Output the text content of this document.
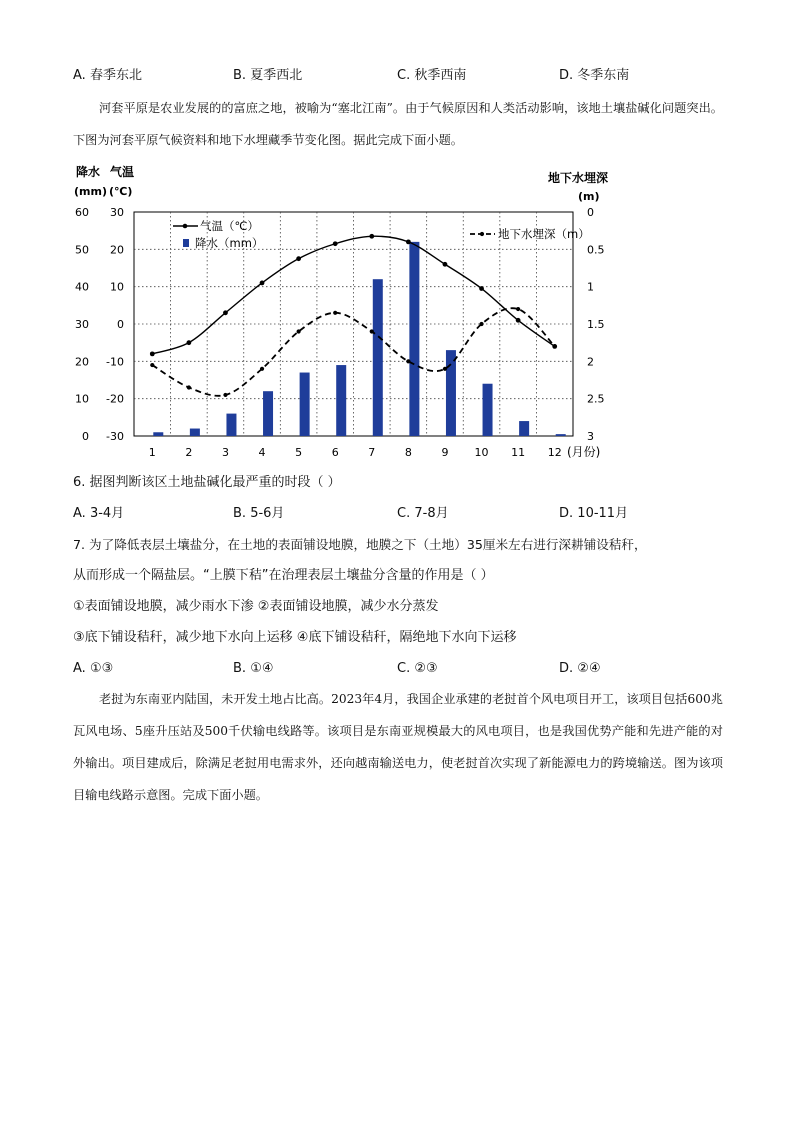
A. 春季东北	B. 夏季西北	C. 秋季西南	D. 冬季东南
河套平原是农业发展的的富庶之地，被喻为“塞北江南”。由于气候原因和人类活动影响，该地土壤盐碱化问题突出。下图为河套平原气候资料和地下水埋藏季节变化图。据此完成下面小题。
降水 气温
(mm) (℃)
地下水埋深
(m)
(月份)
60
50
40
30
20
10
0
30
20
10
0
-10
-20
-30
0
0.5
1
1.5
2
2.5
3
1	2	3	4	5	6	7	8	9 10 11 12
气温（℃）
降水（mm）
地下水埋深（m）
6. 据图判断该区土地盐碱化最严重的时段（ ）
A. 3-4月	B. 5-6月	C. 7-8月	D. 10-11月
7. 为了降低表层土壤盐分，在土地的表面铺设地膜，地膜之下（土地）35厘米左右进行深耕铺设秸秆，
从而形成一个隔盐层。“上膜下秸”在治理表层土壤盐分含量的作用是（ ）
①表面铺设地膜，减少雨水下渗 ②表面铺设地膜，减少水分蒸发
③底下铺设秸秆，减少地下水向上运移 ④底下铺设秸秆，隔绝地下水向下运移
A. ①③	B. ①④	C. ②③	D. ②④
老挝为东南亚内陆国，未开发土地占比高。2023年4月，我国企业承建的老挝首个风电项目开工，该项目包括600兆瓦风电场、5座升压站及500千伏输电线路等。该项目是东南亚规模最大的风电项目，也是我国优势产能和先进产能的对外输出。项目建成后，除满足老挝用电需求外，还向越南输送电力，使老挝首次实现了新能源电力的跨境输送。图为该项目输电线路示意图。完成下面小题。
